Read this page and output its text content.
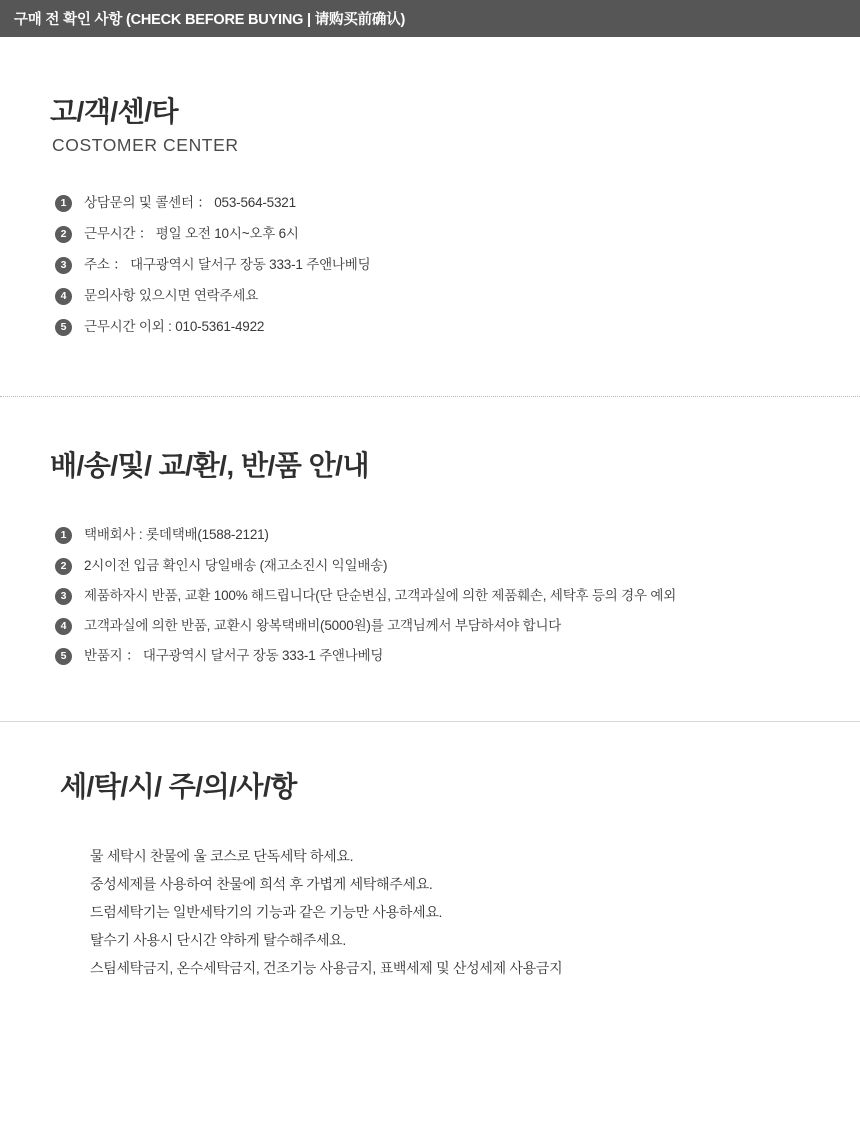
구매 전 확인 사항 (CHECK BEFORE BUYING | 请购买前确认)
고/객/센/타
COSTOMER CENTER
1	상담문의 및 콜센터 ： 053-564-5321
2	근무시간 ： 평일 오전 10시~오후 6시
3	주소 ： 대구광역시 달서구 장동 333-1 주앤나베딩
4	문의사항 있으시면 연락주세요
5	근무시간 이외 : 010-5361-4922
배/송/및/ 교/환/, 반/품 안/내
1	택배회사 : 롯데택배(1588-2121)
2	2시이전 입금 확인시 당일배송 (재고소진시 익일배송)
3	제품하자시 반품, 교환 100% 해드립니다(단 단순변심, 고객과실에 의한 제품훼손, 세탁후 등의 경우 예외
4	고객과실에 의한 반품, 교환시 왕복택배비(5000원)를 고객님께서 부담하셔야 합니다
5	반품지 ： 대구광역시 달서구 장동 333-1 주앤나베딩
세/탁/시/ 주/의/사/항
물 세탁시 찬물에 울 코스로 단독세탁 하세요.
중성세제를 사용하여 찬물에 희석 후 가볍게 세탁해주세요.
드럼세탁기는 일반세탁기의 기능과 같은 기능만 사용하세요.
탈수기 사용시 단시간 약하게 탈수해주세요.
스팀세탁금지, 온수세탁금지, 건조기능 사용금지, 표백세제 및 산성세제 사용금지
